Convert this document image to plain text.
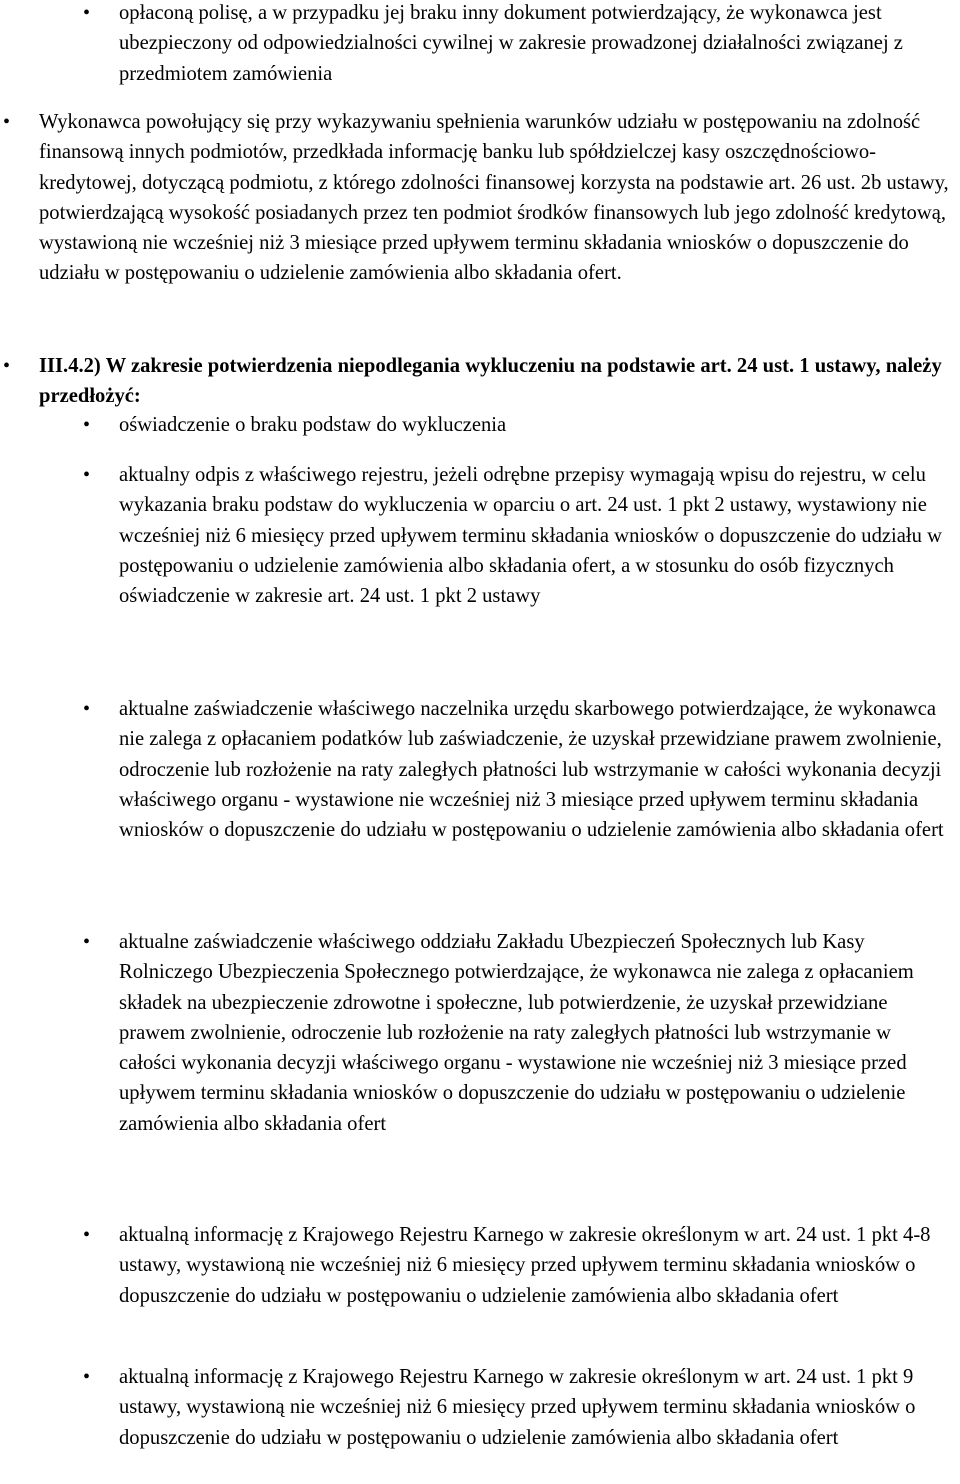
• opłaconą polisę, a w przypadku jej braku inny dokument potwierdzający, że wykonawca jest ubezpieczony od odpowiedzialności cywilnej w zakresie prowadzonej działalności związanej z przedmiotem zamówienia
• Wykonawca powołujący się przy wykazywaniu spełnienia warunków udziału w postępowaniu na zdolność finansową innych podmiotów, przedkłada informację banku lub spółdzielczej kasy oszczędnościowo-kredytowej, dotyczącą podmiotu, z którego zdolności finansowej korzysta na podstawie art. 26 ust. 2b ustawy, potwierdzającą wysokość posiadanych przez ten podmiot środków finansowych lub jego zdolność kredytową, wystawioną nie wcześniej niż 3 miesiące przed upływem terminu składania wniosków o dopuszczenie do udziału w postępowaniu o udzielenie zamówienia albo składania ofert.
• III.4.2) W zakresie potwierdzenia niepodlegania wykluczeniu na podstawie art. 24 ust. 1 ustawy, należy przedłożyć:
• oświadczenie o braku podstaw do wykluczenia
• aktualny odpis z właściwego rejestru, jeżeli odrębne przepisy wymagają wpisu do rejestru, w celu wykazania braku podstaw do wykluczenia w oparciu o art. 24 ust. 1 pkt 2 ustawy, wystawiony nie wcześniej niż 6 miesięcy przed upływem terminu składania wniosków o dopuszczenie do udziału w postępowaniu o udzielenie zamówienia albo składania ofert, a w stosunku do osób fizycznych oświadczenie w zakresie art. 24 ust. 1 pkt 2 ustawy
• aktualne zaświadczenie właściwego naczelnika urzędu skarbowego potwierdzające, że wykonawca nie zalega z opłacaniem podatków lub zaświadczenie, że uzyskał przewidziane prawem zwolnienie, odroczenie lub rozłożenie na raty zaległych płatności lub wstrzymanie w całości wykonania decyzji właściwego organu - wystawione nie wcześniej niż 3 miesiące przed upływem terminu składania wniosków o dopuszczenie do udziału w postępowaniu o udzielenie zamówienia albo składania ofert
• aktualne zaświadczenie właściwego oddziału Zakładu Ubezpieczeń Społecznych lub Kasy Rolniczego Ubezpieczenia Społecznego potwierdzające, że wykonawca nie zalega z opłacaniem składek na ubezpieczenie zdrowotne i społeczne, lub potwierdzenie, że uzyskał przewidziane prawem zwolnienie, odroczenie lub rozłożenie na raty zaległych płatności lub wstrzymanie w całości wykonania decyzji właściwego organu - wystawione nie wcześniej niż 3 miesiące przed upływem terminu składania wniosków o dopuszczenie do udziału w postępowaniu o udzielenie zamówienia albo składania ofert
• aktualną informację z Krajowego Rejestru Karnego w zakresie określonym w art. 24 ust. 1 pkt 4-8 ustawy, wystawioną nie wcześniej niż 6 miesięcy przed upływem terminu składania wniosków o dopuszczenie do udziału w postępowaniu o udzielenie zamówienia albo składania ofert
• aktualną informację z Krajowego Rejestru Karnego w zakresie określonym w art. 24 ust. 1 pkt 9 ustawy, wystawioną nie wcześniej niż 6 miesięcy przed upływem terminu składania wniosków o dopuszczenie do udziału w postępowaniu o udzielenie zamówienia albo składania ofert
